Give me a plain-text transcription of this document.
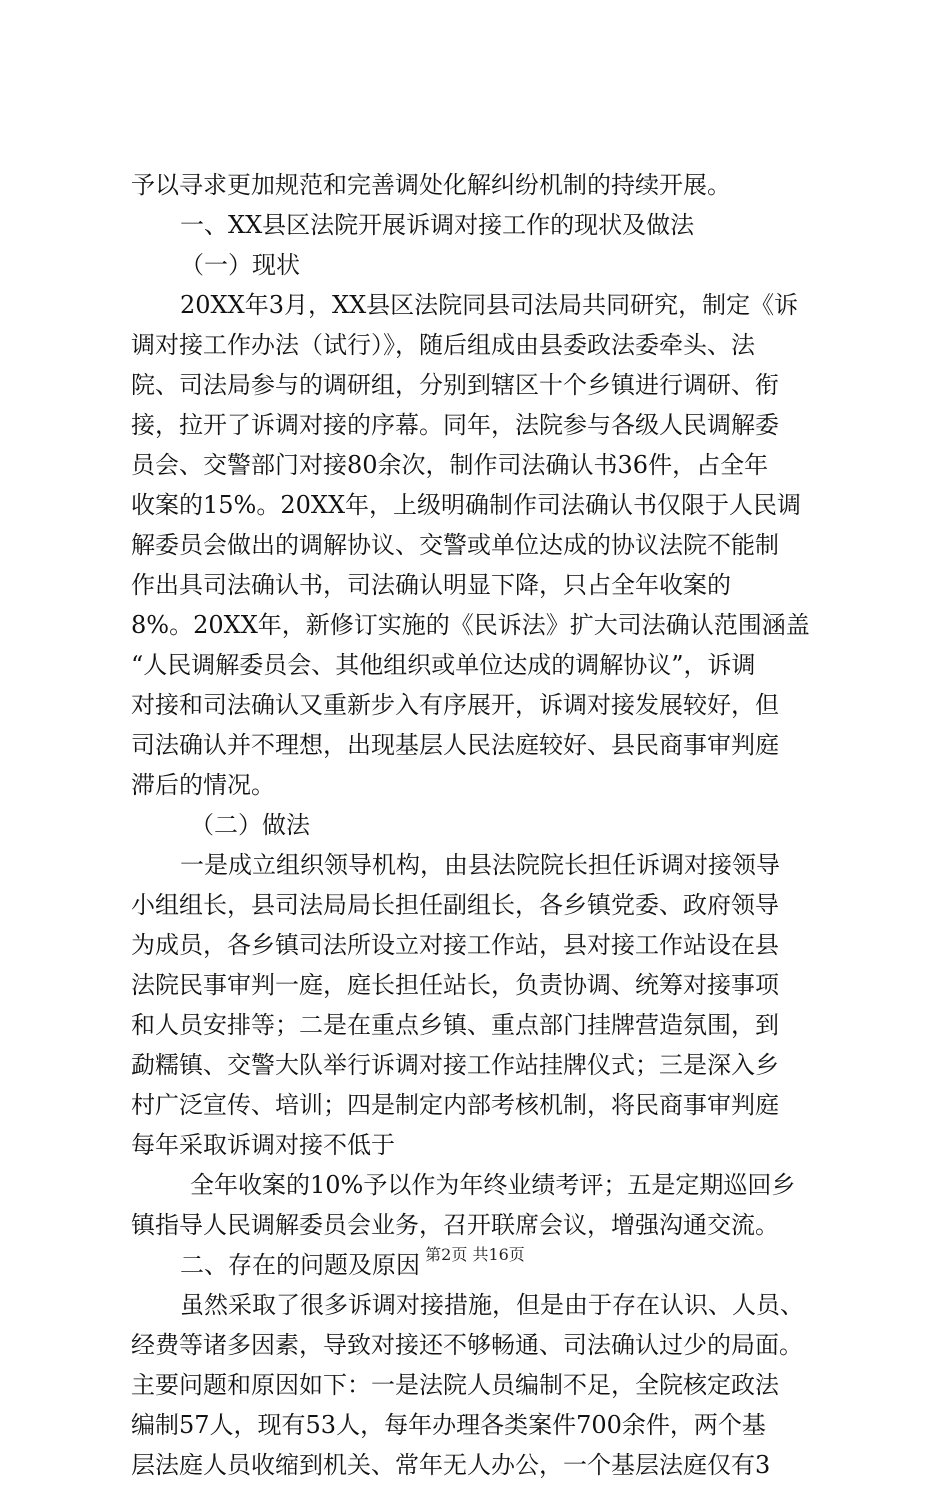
予以寻求更加规范和完善调处化解纠纷机制的持续开展。
一、XX县区法院开展诉调对接工作的现状及做法
（一）现状
20XX年3月，XX县区法院同县司法局共同研究，制定《诉
调对接工作办法（试行）》，随后组成由县委政法委牵头、法
院、司法局参与的调研组，分别到辖区十个乡镇进行调研、衔
接，拉开了诉调对接的序幕。同年，法院参与各级人民调解委
员会、交警部门对接80余次，制作司法确认书36件，占全年
收案的15%。20XX年，上级明确制作司法确认书仅限于人民调
解委员会做出的调解协议、交警或单位达成的协议法院不能制
作出具司法确认书，司法确认明显下降，只占全年收案的
8%。20XX年，新修订实施的《民诉法》扩大司法确认范围涵盖
“人民调解委员会、其他组织或单位达成的调解协议”，诉调
对接和司法确认又重新步入有序展开，诉调对接发展较好，但
司法确认并不理想，出现基层人民法庭较好、县民商事审判庭
滞后的情况。
（二）做法
一是成立组织领导机构，由县法院院长担任诉调对接领导
小组组长，县司法局局长担任副组长，各乡镇党委、政府领导
为成员，各乡镇司法所设立对接工作站，县对接工作站设在县
法院民事审判一庭，庭长担任站长，负责协调、统筹对接事项
和人员安排等；二是在重点乡镇、重点部门挂牌营造氛围，到
勐糯镇、交警大队举行诉调对接工作站挂牌仪式；三是深入乡
村广泛宣传、培训；四是制定内部考核机制，将民商事审判庭
每年采取诉调对接不低于
全年收案的10%予以作为年终业绩考评；五是定期巡回乡
镇指导人民调解委员会业务，召开联席会议，增强沟通交流。
二、存在的问题及原因
虽然采取了很多诉调对接措施，但是由于存在认识、人员、
经费等诸多因素，导致对接还不够畅通、司法确认过少的局面。
主要问题和原因如下：一是法院人员编制不足，全院核定政法
编制57人，现有53人，每年办理各类案件700余件，两个基
层法庭人员收缩到机关、常年无人办公，一个基层法庭仅有3
第2页 共16页
